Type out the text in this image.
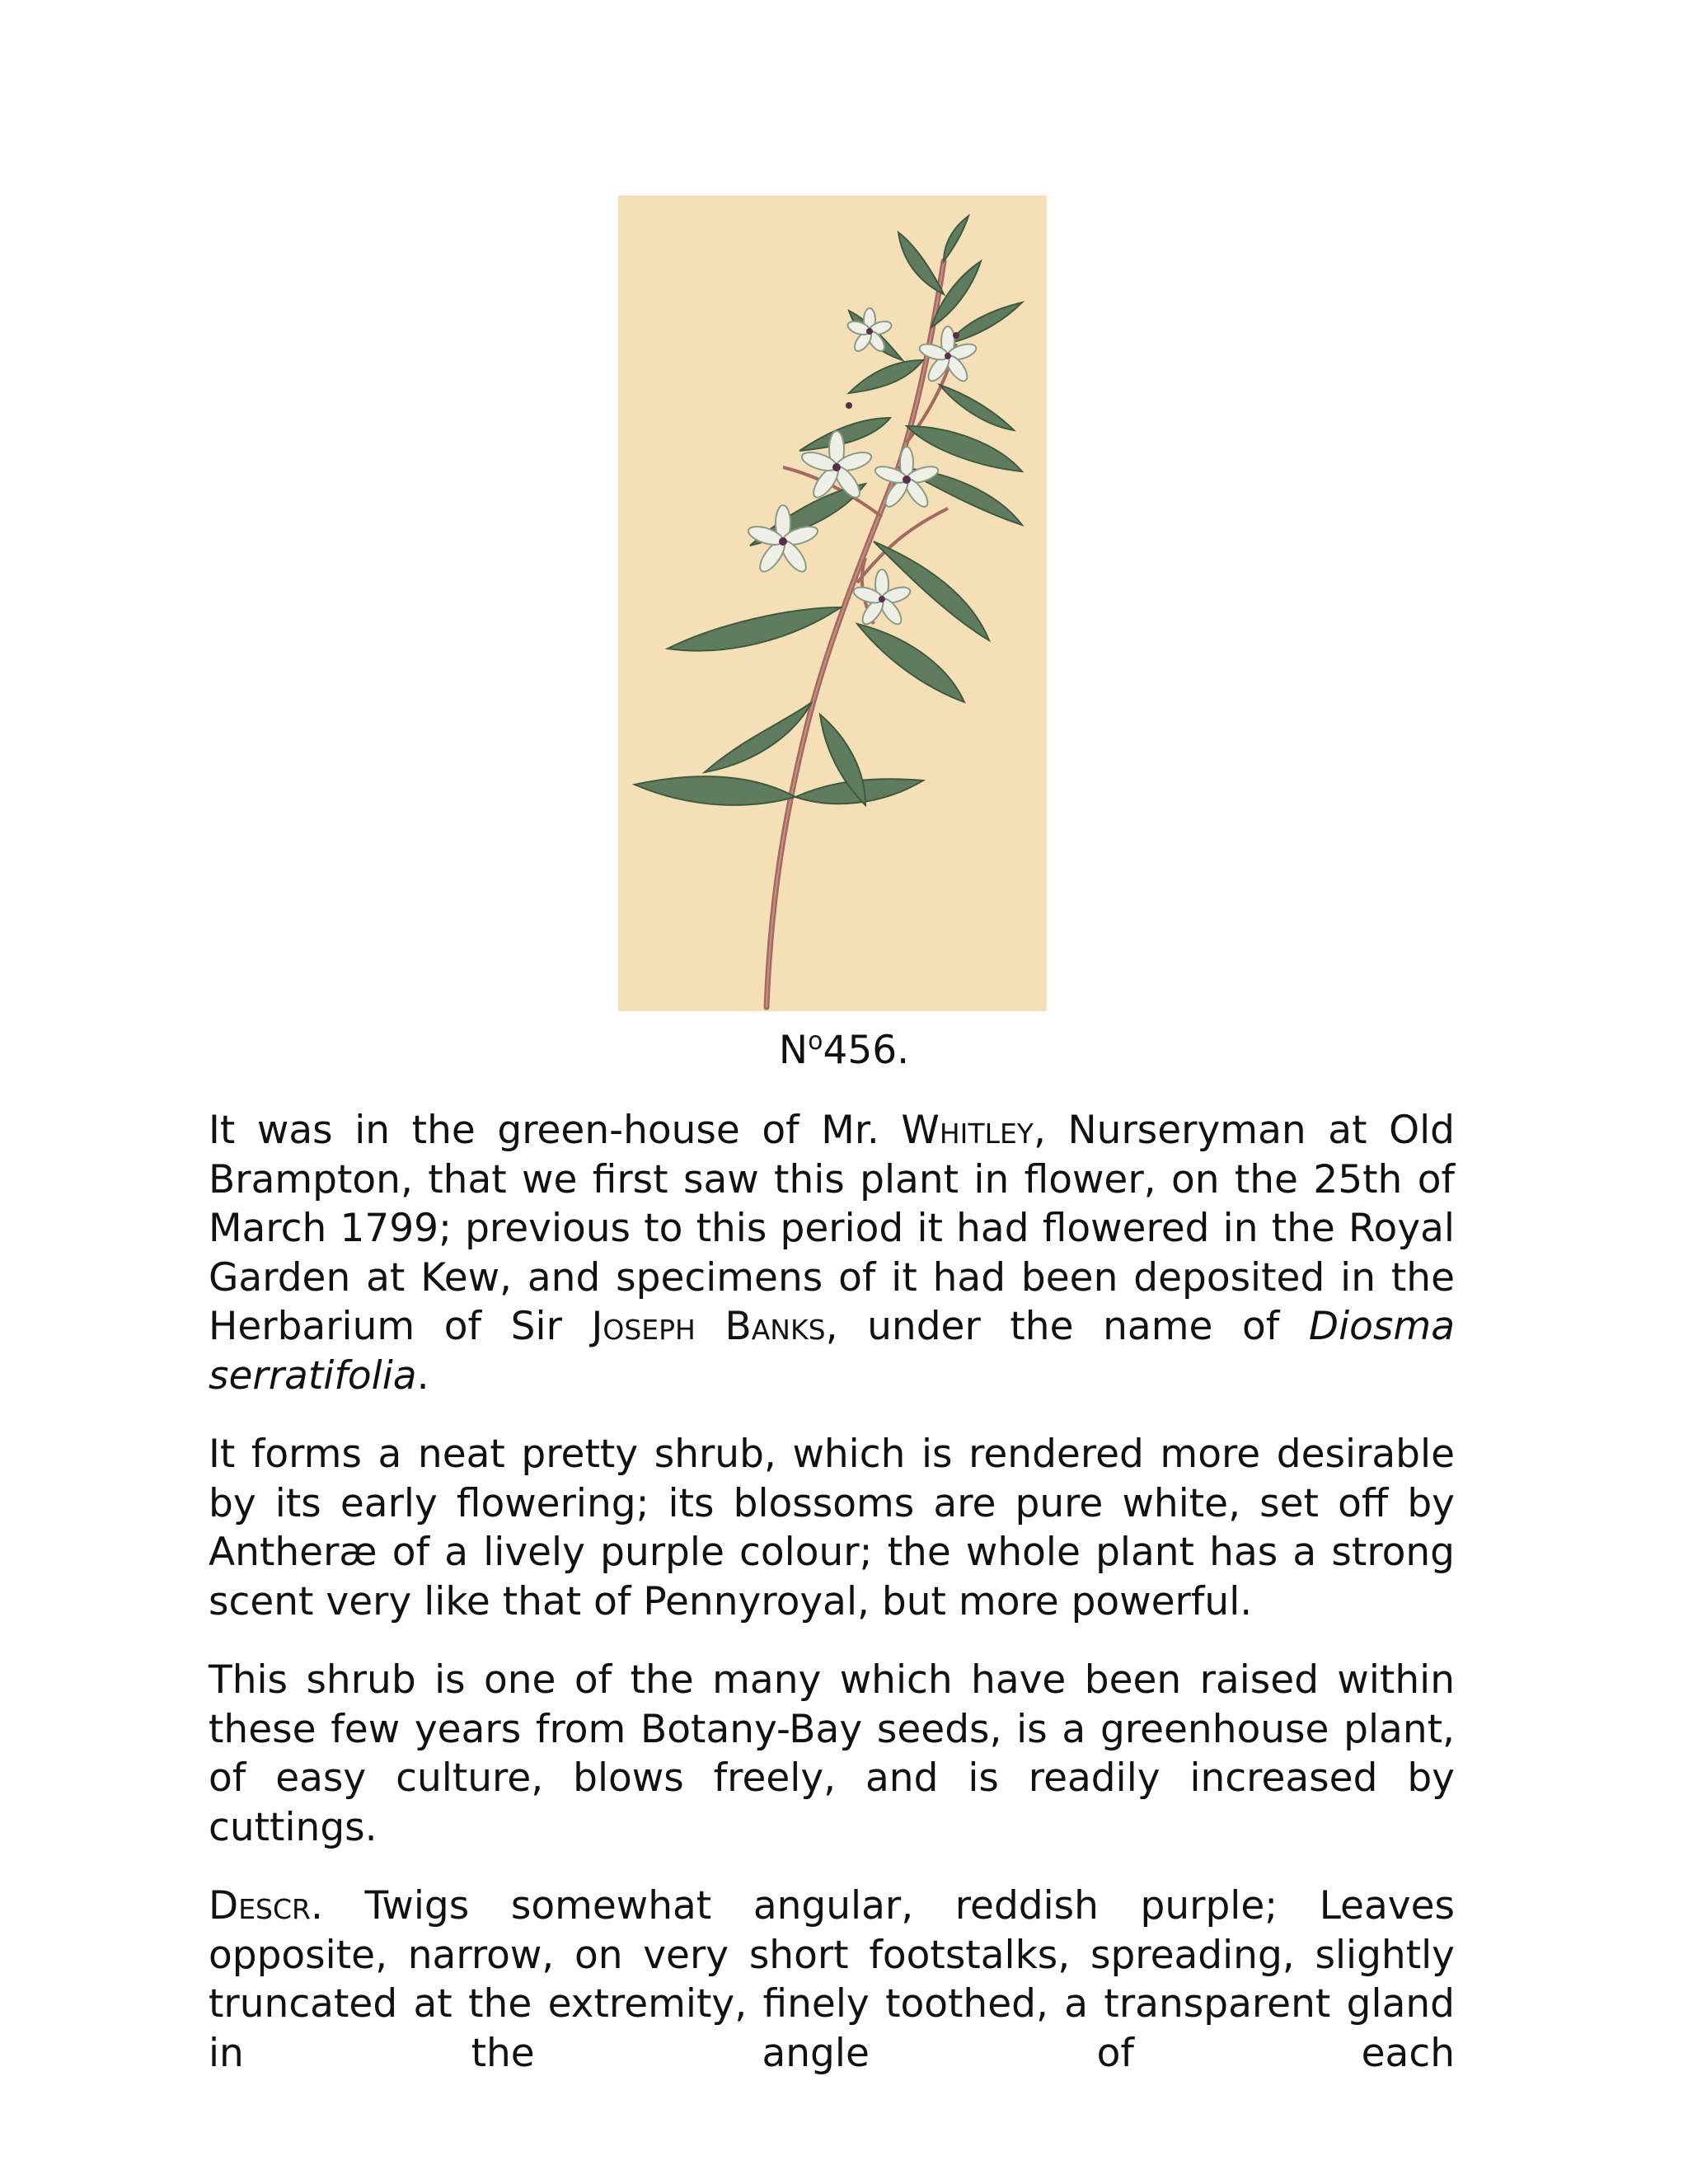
$N^o456$.

It was in the green-house of Mr. Whitley, Nurseryman at Old Brampton, that we first saw this plant in flower, on the 25th of March 1799; previous to this period it had flowered in the Royal Garden at Kew, and specimens of it had been deposited in the Herbarium of Sir Joseph Banks, under the name of Diosma serratifolia.

It forms a neat pretty shrub, which is rendered more desirable by its early flowering; its blossoms are pure white, set off by Antheræ of a lively purple colour; the whole plant has a strong scent very like that of Pennyroyal, but more powerful.

This shrub is one of the many which have been raised within these few years from Botany-Bay seeds, is a greenhouse plant, of easy culture, blows freely, and is readily increased by cuttings.

Descr. Twigs somewhat angular, reddish purple; Leaves opposite, narrow, on very short footstalks, spreading, slightly truncated at the extremity, finely toothed, a transparent gland in the angle of each
